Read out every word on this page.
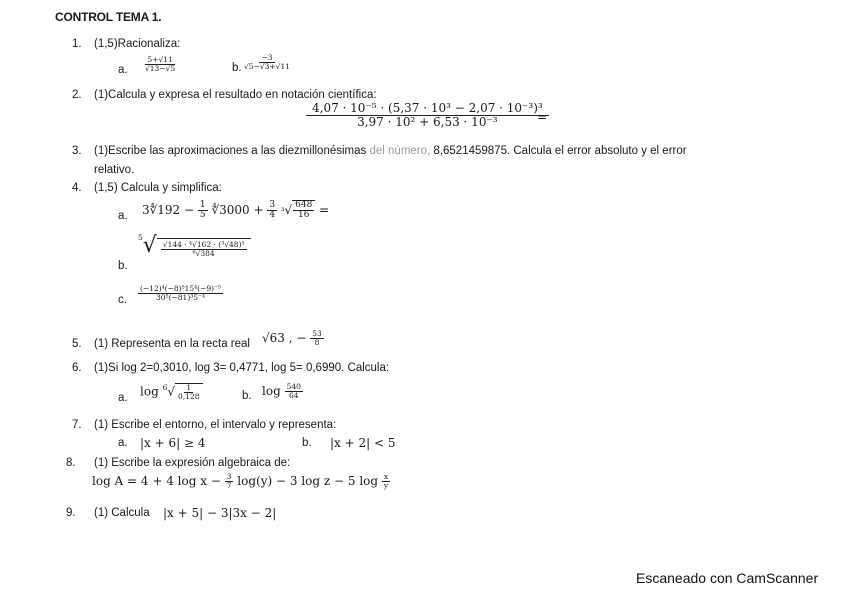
CONTROL TEMA 1.
1. (1,5)Racionaliza:
a. $\frac{5+√11}{√13-√5}$	b. $\frac{-3}{√5-√3+√11}$
2. (1)Calcula y expresa el resultado en notación científica:
$\frac{\text{4,07 · 10⁻⁵ · (5,37 · 10³ − 2,07 · 10⁻³)³}}{\text{3,97 · 10² + 6,53 · 10⁻³}}$
=
3. (1)Escribe las aproximaciones a las diezmillonésimas del número, 8,6521459875. Calcula el error absoluto y el error
relativo.
4. (1,5) Calcula y simplifica:
a. 3∜192 − $\frac{1}{5}$ ∜3000 + $\frac{3}{4} ^3√ \frac{648}{16}$ =
b.
$^5√ \frac{\text{√144 · ⁴√162 · (³√48)⁵}}{\text{⁶√384}}$
c. $\frac{\text{(−12)⁴(−8)⁵15⁴(−9)⁻⁵}}{\text{30⁵(−81)³5⁻⁴}}$
5. (1) Representa en la recta real √63 , − $\frac{53}{8}$
6. (1)Si log 2=0,3010, log 3= 0,4771, log 5= 0,6990. Calcula:
a. $\log ^6√ \frac{1}{0,128}$	b. $\log \frac{540}{64}$
7. (1) Escribe el entorno, el intervalo y representa:
a. |x + 6| ≥ 4	b. |x + 2| < 5
8. (1) Escribe la expresión algebraica de:
log A = 4 + 4 $\log x - \frac{3}{7} \log(y) - 3$ log z − 5 $\log \frac{x}{y}$
9. (1) Calcula |x + 5| − 3|3x − 2|
Escaneado con CamScanner
